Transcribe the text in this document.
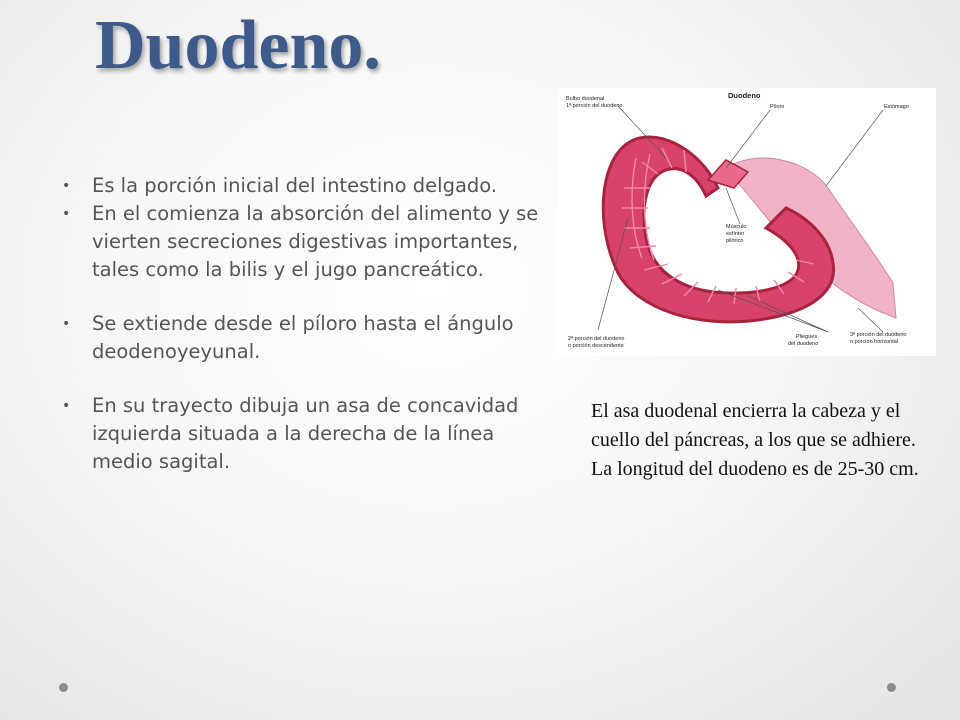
Duodeno.
• Es la porción inicial del intestino delgado.
• En el comienza la absorción del alimento y se vierten secreciones digestivas importantes, tales como la bilis y el jugo pancreático.
• Se extiende desde el píloro hasta el ángulo deodenoyeyunal.
• En su trayecto dibuja un asa de concavidad izquierda situada a la derecha de la línea medio sagital.
Duodeno
Bulbo duodenal
1ª porción del duodeno	Píloro	Estómago
Músculo
esfínter
pilórico
2ª porción del duodeno
o porción descendente
Pliegues
del duodeno
3ª porción del duodeno
o porción horizontal

El asa duodenal encierra la cabeza y el cuello del páncreas, a los que se adhiere.
La longitud del duodeno es de 25-30 cm.
